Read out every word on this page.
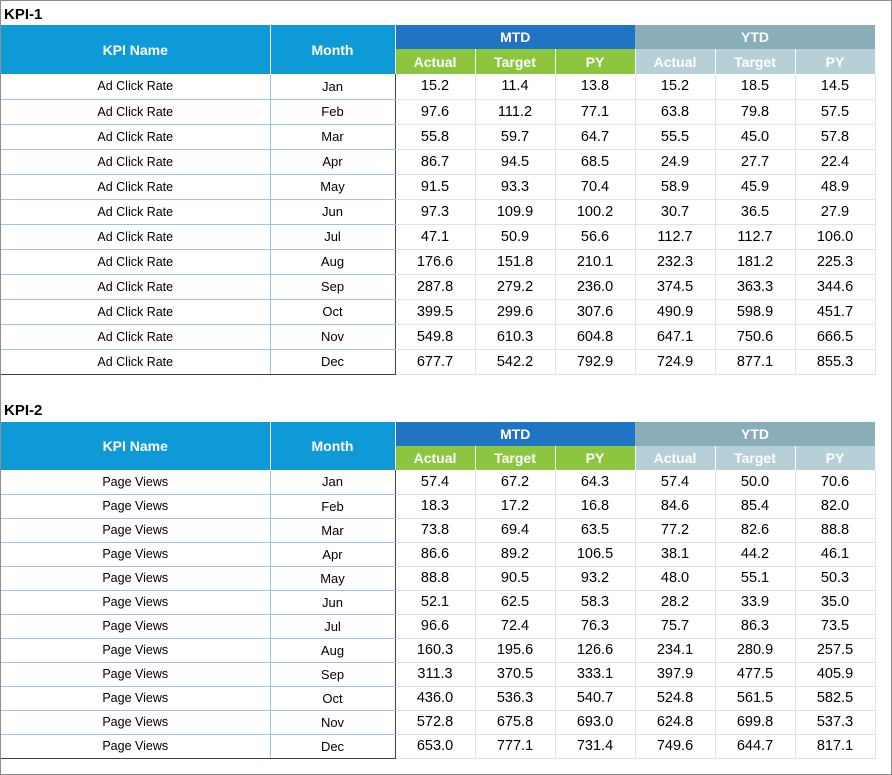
KPI-1
KPI Name	Month	MTD			YTD		
		Actual	Target	PY	Actual	Target	PY
Ad Click Rate	Jan	15.2	11.4	13.8	15.2	18.5	14.5
Ad Click Rate	Feb	97.6	111.2	77.1	63.8	79.8	57.5
Ad Click Rate	Mar	55.8	59.7	64.7	55.5	45.0	57.8
Ad Click Rate	Apr	86.7	94.5	68.5	24.9	27.7	22.4
Ad Click Rate	May	91.5	93.3	70.4	58.9	45.9	48.9
Ad Click Rate	Jun	97.3	109.9	100.2	30.7	36.5	27.9
Ad Click Rate	Jul	47.1	50.9	56.6	112.7	112.7	106.0
Ad Click Rate	Aug	176.6	151.8	210.1	232.3	181.2	225.3
Ad Click Rate	Sep	287.8	279.2	236.0	374.5	363.3	344.6
Ad Click Rate	Oct	399.5	299.6	307.6	490.9	598.9	451.7
Ad Click Rate	Nov	549.8	610.3	604.8	647.1	750.6	666.5
Ad Click Rate	Dec	677.7	542.2	792.9	724.9	877.1	855.3
KPI-2
KPI Name	Month	MTD			YTD		
		Actual	Target	PY	Actual	Target	PY
Page Views	Jan	57.4	67.2	64.3	57.4	50.0	70.6
Page Views	Feb	18.3	17.2	16.8	84.6	85.4	82.0
Page Views	Mar	73.8	69.4	63.5	77.2	82.6	88.8
Page Views	Apr	86.6	89.2	106.5	38.1	44.2	46.1
Page Views	May	88.8	90.5	93.2	48.0	55.1	50.3
Page Views	Jun	52.1	62.5	58.3	28.2	33.9	35.0
Page Views	Jul	96.6	72.4	76.3	75.7	86.3	73.5
Page Views	Aug	160.3	195.6	126.6	234.1	280.9	257.5
Page Views	Sep	311.3	370.5	333.1	397.9	477.5	405.9
Page Views	Oct	436.0	536.3	540.7	524.8	561.5	582.5
Page Views	Nov	572.8	675.8	693.0	624.8	699.8	537.3
Page Views	Dec	653.0	777.1	731.4	749.6	644.7	817.1
